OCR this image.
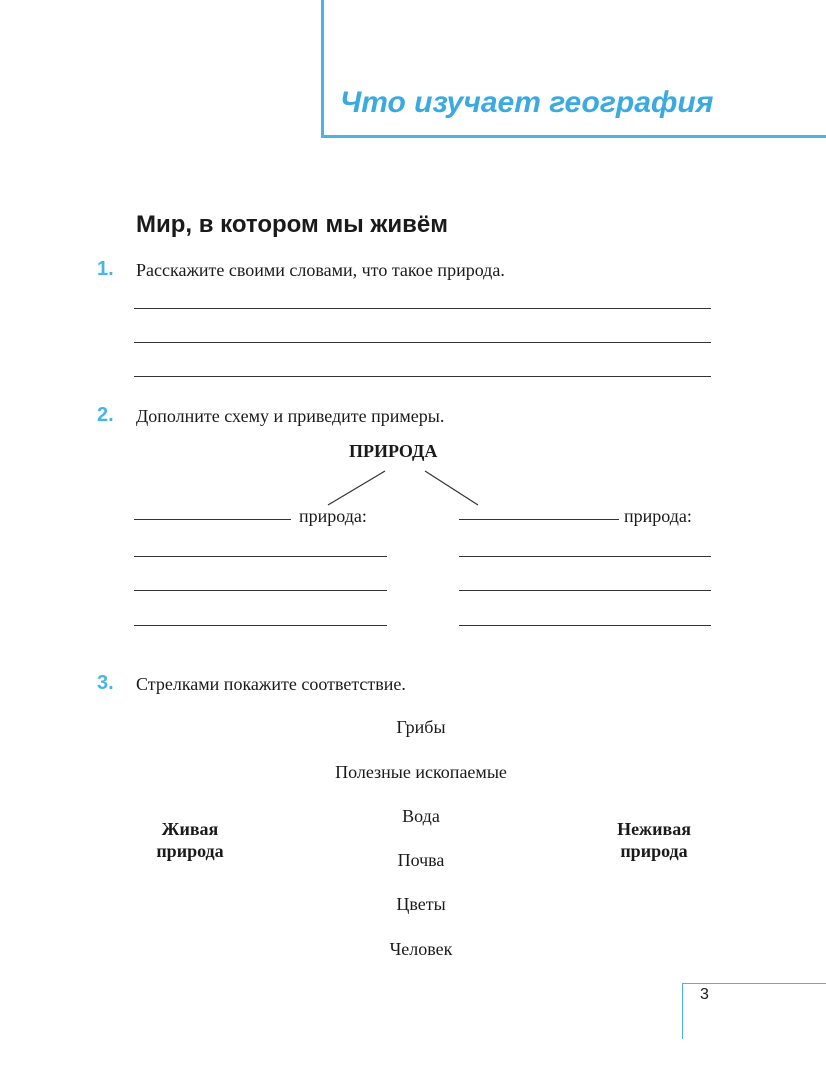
Что изучает география
Мир, в котором мы живём
1. Расскажите своими словами, что такое природа.
2. Дополните схему и приведите примеры.
ПРИРОДА
природа:	природа:
3. Стрелками покажите соответствие.
Грибы
Полезные ископаемые
Вода
Почва
Цветы
Человек
Живая природа
Неживая природа
3
